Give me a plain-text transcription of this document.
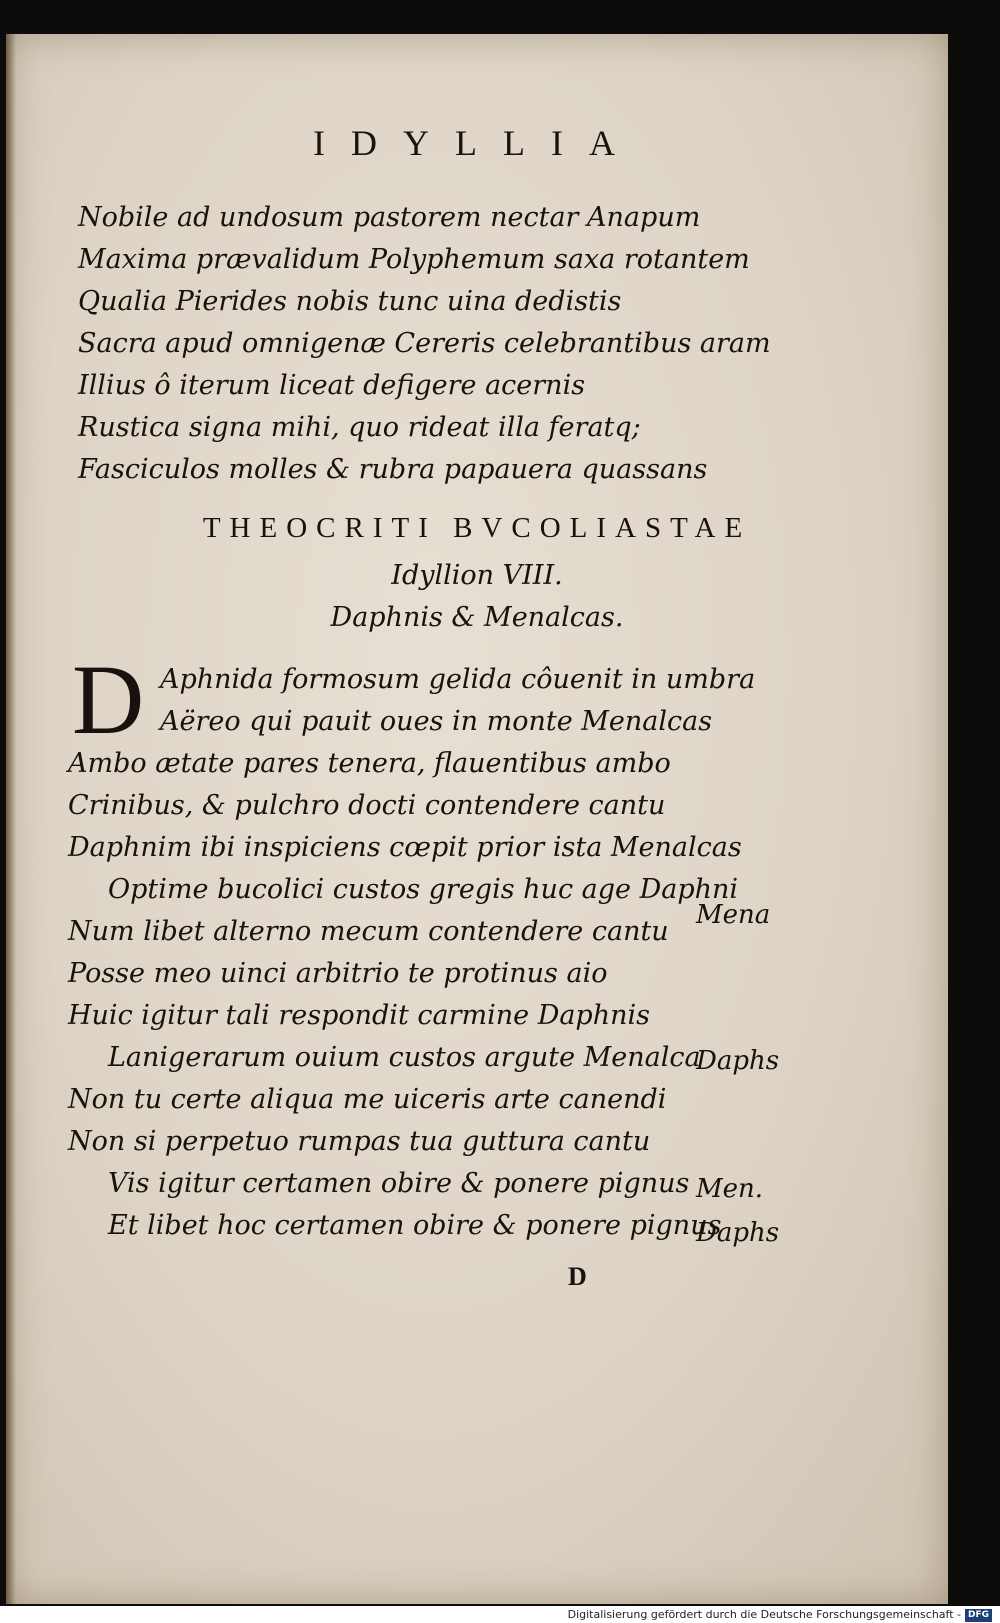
IDYLLIA
Nobile ad undosum pastorem nectar Anapum
Maxima prævalidum Polyphemum saxa rotantem
Qualia Pierides nobis tunc uina dedistis
Sacra apud omnigenæ Cereris celebrantibus aram
Illius ô iterum liceat defigere acernis
Rustica signa mihi, quo rideat illa feratq;
Fasciculos molles & rubra papauera quassans
THEOCRITI BVCOLIASTAE
Idyllion VIII.
Daphnis & Menalcas.
D Aphnida formosum gelida côuenit in umbra
Aëreo qui pauit oues in monte Menalcas
Ambo ætate pares tenera, flauentibus ambo
Crinibus, & pulchro docti contendere cantu
Daphnim ibi inspiciens cœpit prior ista Menalcas
Optime bucolici custos gregis huc age Daphni
Num libet alterno mecum contendere cantu
Posse meo uinci arbitrio te protinus aio
Huic igitur tali respondit carmine Daphnis
Lanigerarum ouium custos argute Menalca
Non tu certe aliqua me uiceris arte canendi
Non si perpetuo rumpas tua guttura cantu
Vis igitur certamen obire & ponere pignus
Et libet hoc certamen obire & ponere pignus
Mena
Daphs
Men.
Daphs
D
Digitalisierung gefördert durch die Deutsche Forschungsgemeinschaft - DFG
